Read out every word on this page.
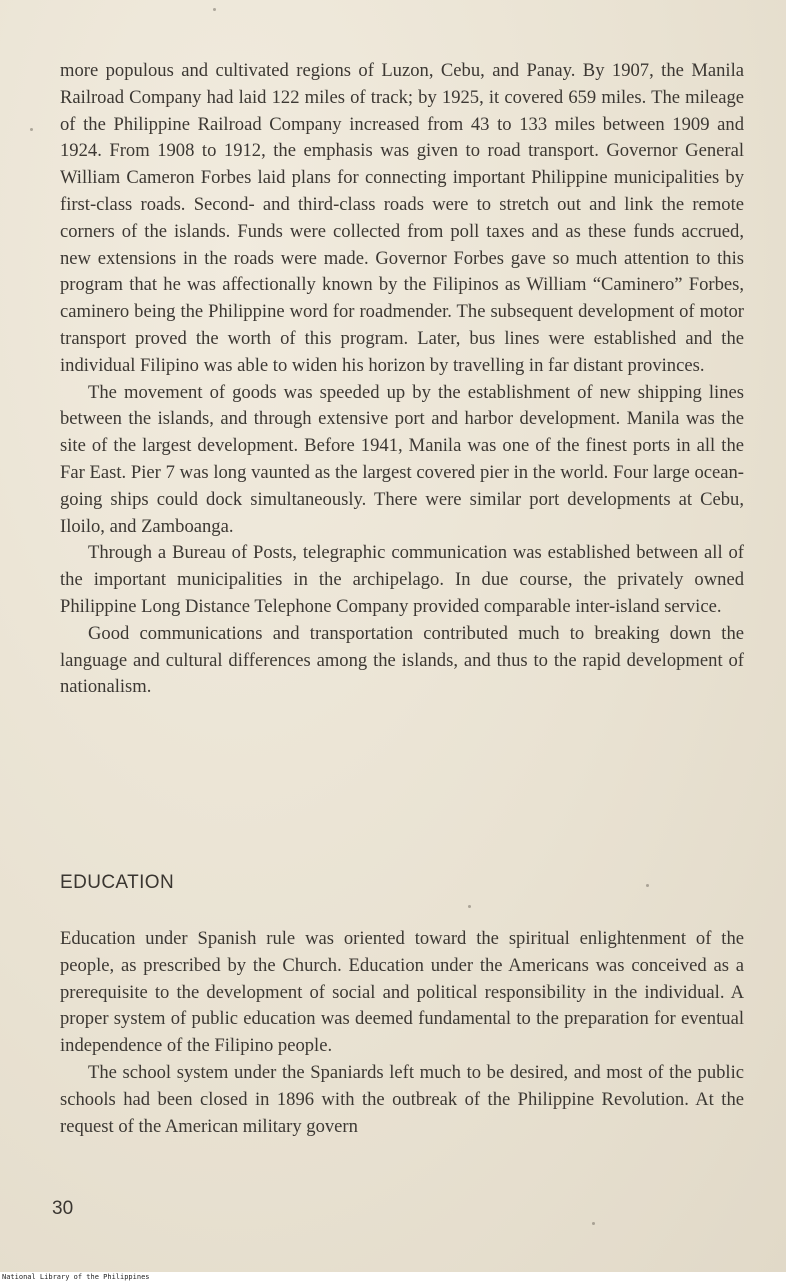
more populous and cultivated regions of Luzon, Cebu, and Panay. By 1907, the Manila Railroad Company had laid 122 miles of track; by 1925, it covered 659 miles. The mileage of the Philippine Railroad Company increased from 43 to 133 miles between 1909 and 1924. From 1908 to 1912, the emphasis was given to road transport. Governor General William Cameron Forbes laid plans for connecting important Philippine municipalities by first-class roads. Second- and third-class roads were to stretch out and link the remote corners of the islands. Funds were collected from poll taxes and as these funds accrued, new extensions in the roads were made. Governor Forbes gave so much attention to this program that he was affectionally known by the Filipinos as William “Caminero” Forbes, caminero being the Philippine word for roadmender. The subsequent development of motor transport proved the worth of this program. Later, bus lines were established and the individual Filipino was able to widen his horizon by travelling in far distant provinces.

The movement of goods was speeded up by the establishment of new shipping lines between the islands, and through extensive port and harbor development. Manila was the site of the largest development. Before 1941, Manila was one of the finest ports in all the Far East. Pier 7 was long vaunted as the largest covered pier in the world. Four large ocean-going ships could dock simultaneously. There were similar port developments at Cebu, Iloilo, and Zamboanga.

Through a Bureau of Posts, telegraphic communication was established between all of the important municipalities in the archipelago. In due course, the privately owned Philippine Long Distance Telephone Company provided comparable inter-island service.

Good communications and transportation contributed much to breaking down the language and cultural differences among the islands, and thus to the rapid development of nationalism.

EDUCATION

Education under Spanish rule was oriented toward the spiritual enlightenment of the people, as prescribed by the Church. Education under the Americans was conceived as a prerequisite to the development of social and political responsibility in the individual. A proper system of public education was deemed fundamental to the preparation for eventual independence of the Filipino people.

The school system under the Spaniards left much to be desired, and most of the public schools had been closed in 1896 with the outbreak of the Philippine Revolution. At the request of the American military govern

30
National Library of the Philippines
